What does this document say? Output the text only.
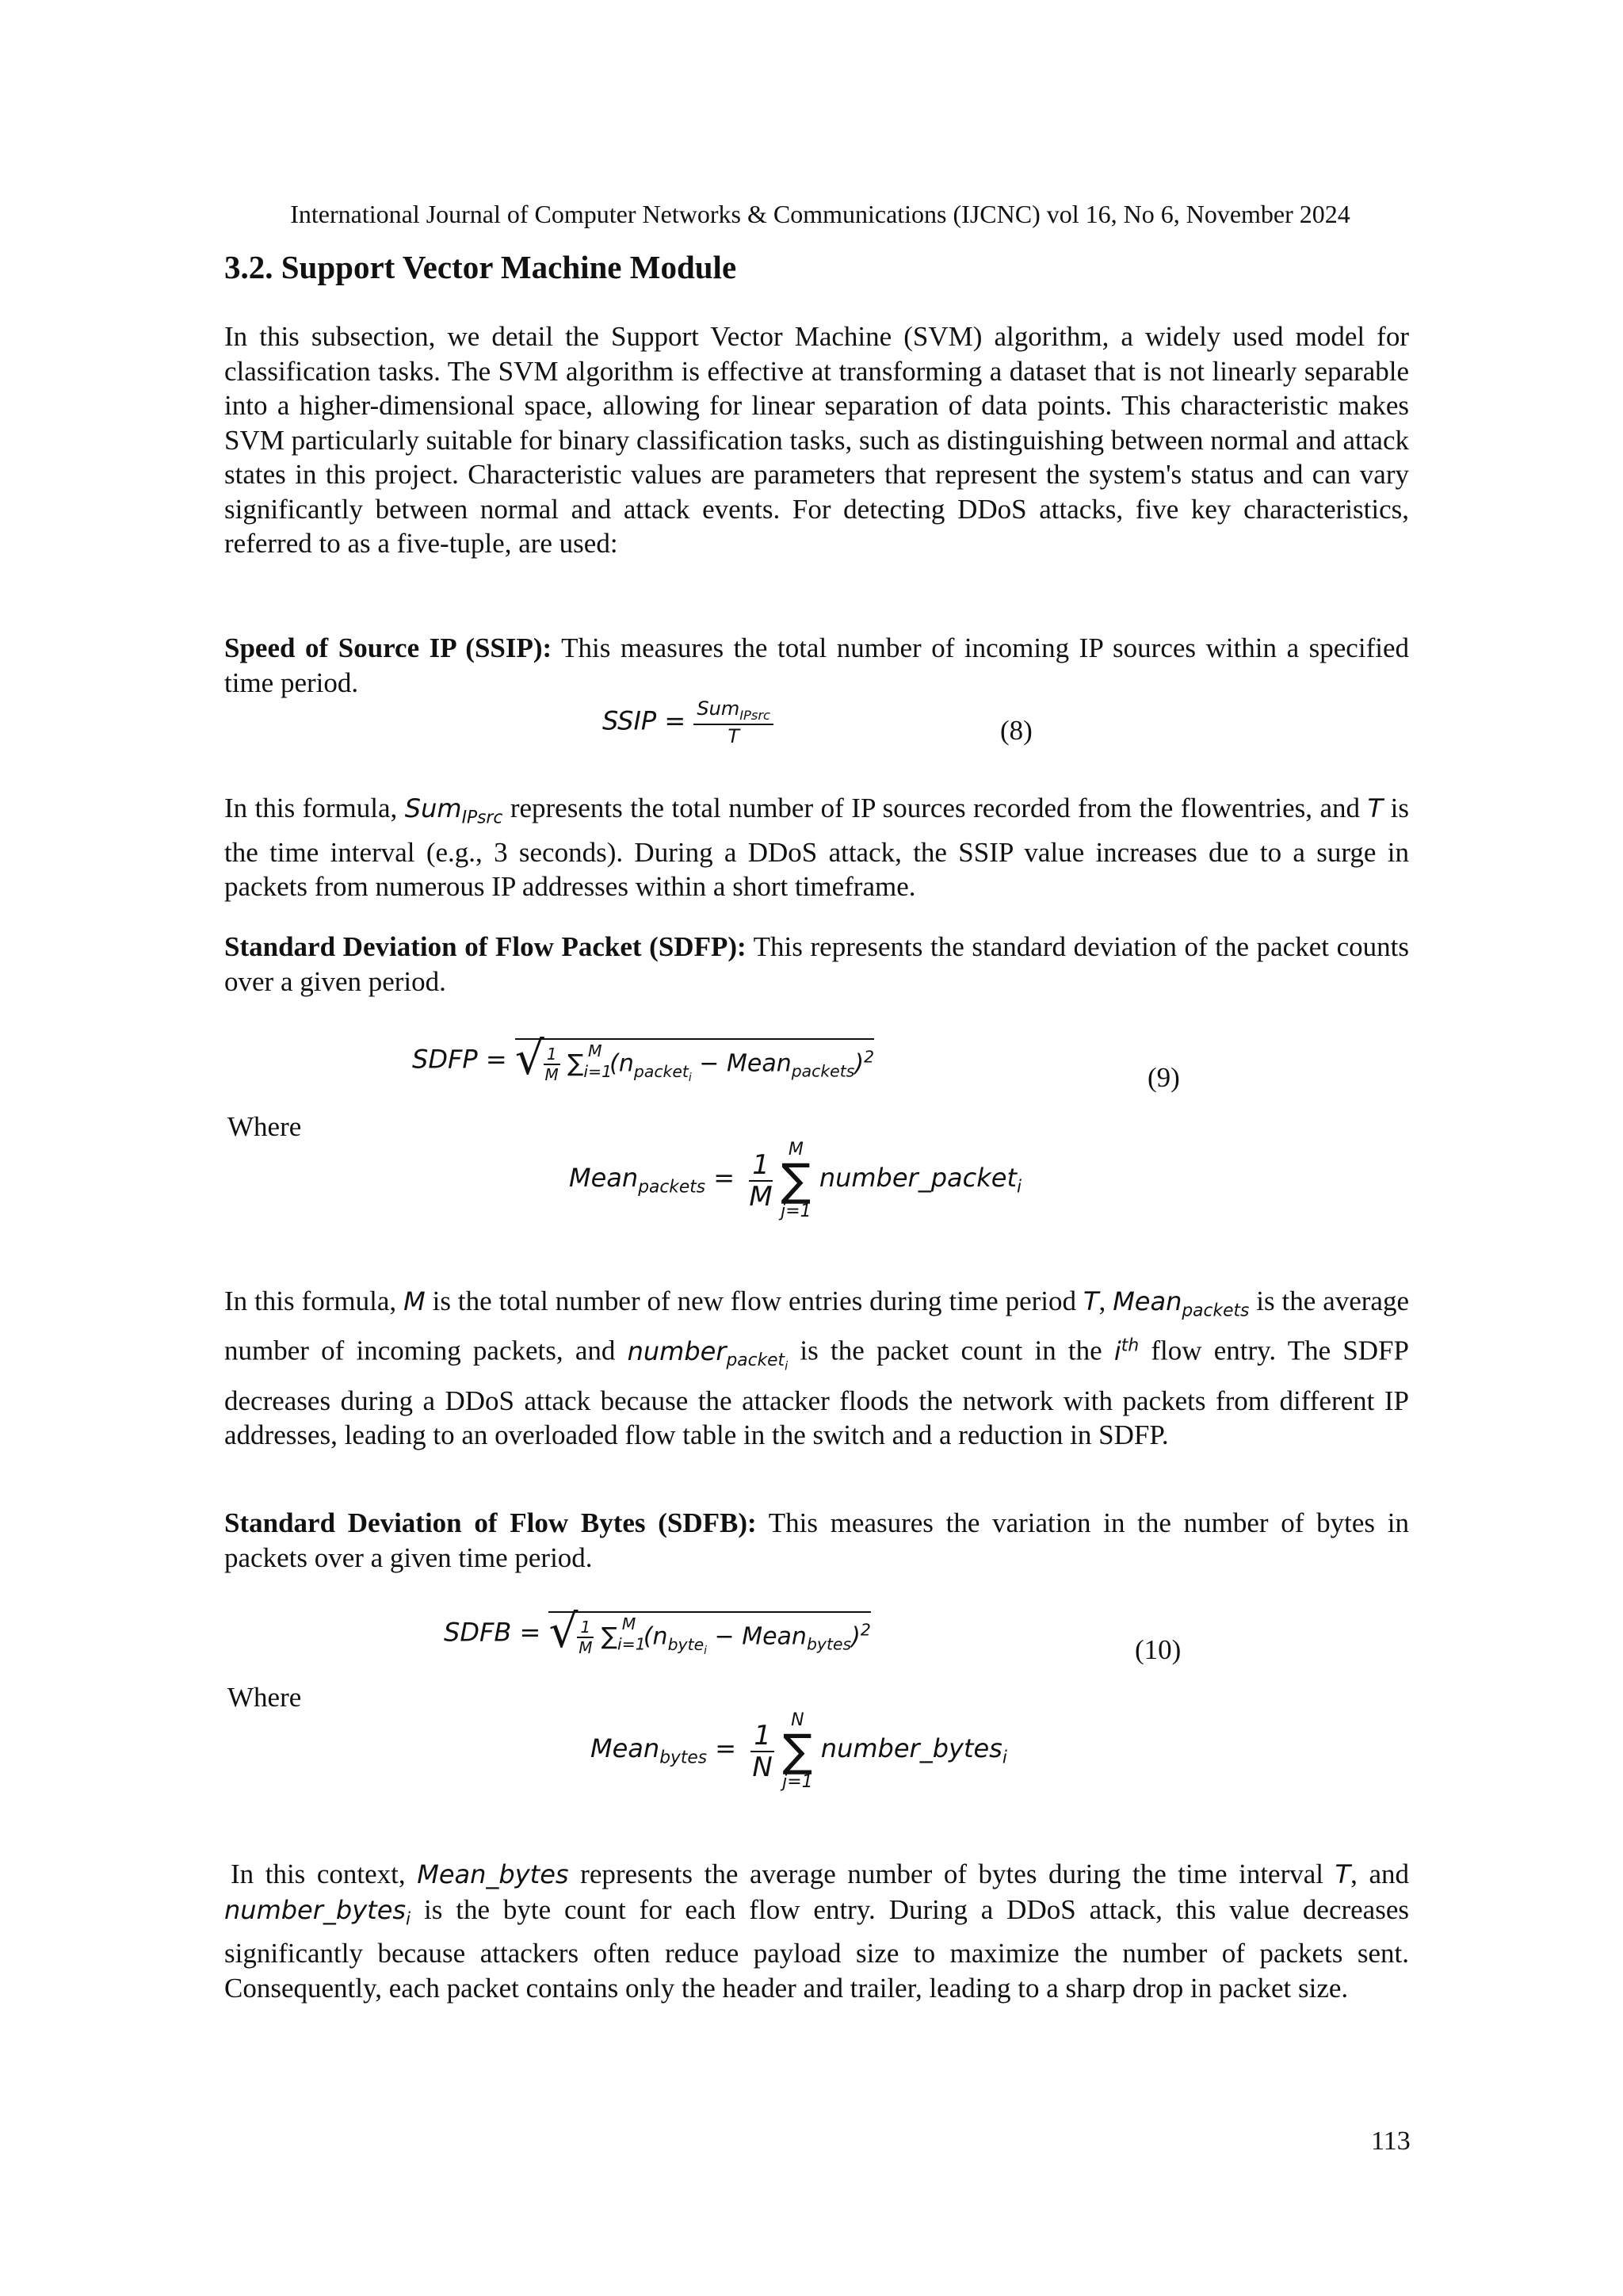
International Journal of Computer Networks & Communications (IJCNC) vol 16, No 6, November 2024
3.2. Support Vector Machine Module
In this subsection, we detail the Support Vector Machine (SVM) algorithm, a widely used model for classification tasks. The SVM algorithm is effective at transforming a dataset that is not linearly separable into a higher-dimensional space, allowing for linear separation of data points. This characteristic makes SVM particularly suitable for binary classification tasks, such as distinguishing between normal and attack states in this project. Characteristic values are parameters that represent the system's status and can vary significantly between normal and attack events. For detecting DDoS attacks, five key characteristics, referred to as a five-tuple, are used:
Speed of Source IP (SSIP): This measures the total number of incoming IP sources within a specified time period.
SSIP = $\frac{Sum_{IPsrc}}{T}$	(8)
In this formula, Sum$_{IPsrc}$ represents the total number of IP sources recorded from the flowentries, and T is the time interval (e.g., 3 seconds). During a DDoS attack, the SSIP value increases due to a surge in packets from numerous IP addresses within a short timeframe.
Standard Deviation of Flow Packet (SDFP): This represents the standard deviation of the packet counts over a given period.
SDFP = √ $\frac{1}{M} \sum_{i=1}^M$ ($n_{packet_i}$ − Mean$_{packets}$)$^2$
(9)
Where
Mean$_{packets}$ = $\frac{1}{M}$

M
∑
j=1
number_packet$_i$
In this formula, M is the total number of new flow entries during time period T, Mean$_{packets}$ is the average number of incoming packets, and number$_{packet_i}$ is the packet count in the $i^{th}$ flow entry. The SDFP decreases during a DDoS attack because the attacker floods the network with packets from different IP addresses, leading to an overloaded flow table in the switch and a reduction in SDFP.
Standard Deviation of Flow Bytes (SDFB): This measures the variation in the number of bytes in packets over a given time period.
SDFB = √ $\frac{1}{M} \sum_{i=1}^M$ ($n_{byte_i}$ − Mean$_{bytes}$)$^2$
(10)
Where
Mean$_{bytes}$ = $\frac{1}{N}$

N
∑
j=1
number_bytes$_i$
In this context, Mean_bytes represents the average number of bytes during the time interval T, and number_bytes$_i$ is the byte count for each flow entry. During a DDoS attack, this value decreases significantly because attackers often reduce payload size to maximize the number of packets sent. Consequently, each packet contains only the header and trailer, leading to a sharp drop in packet size.
113
